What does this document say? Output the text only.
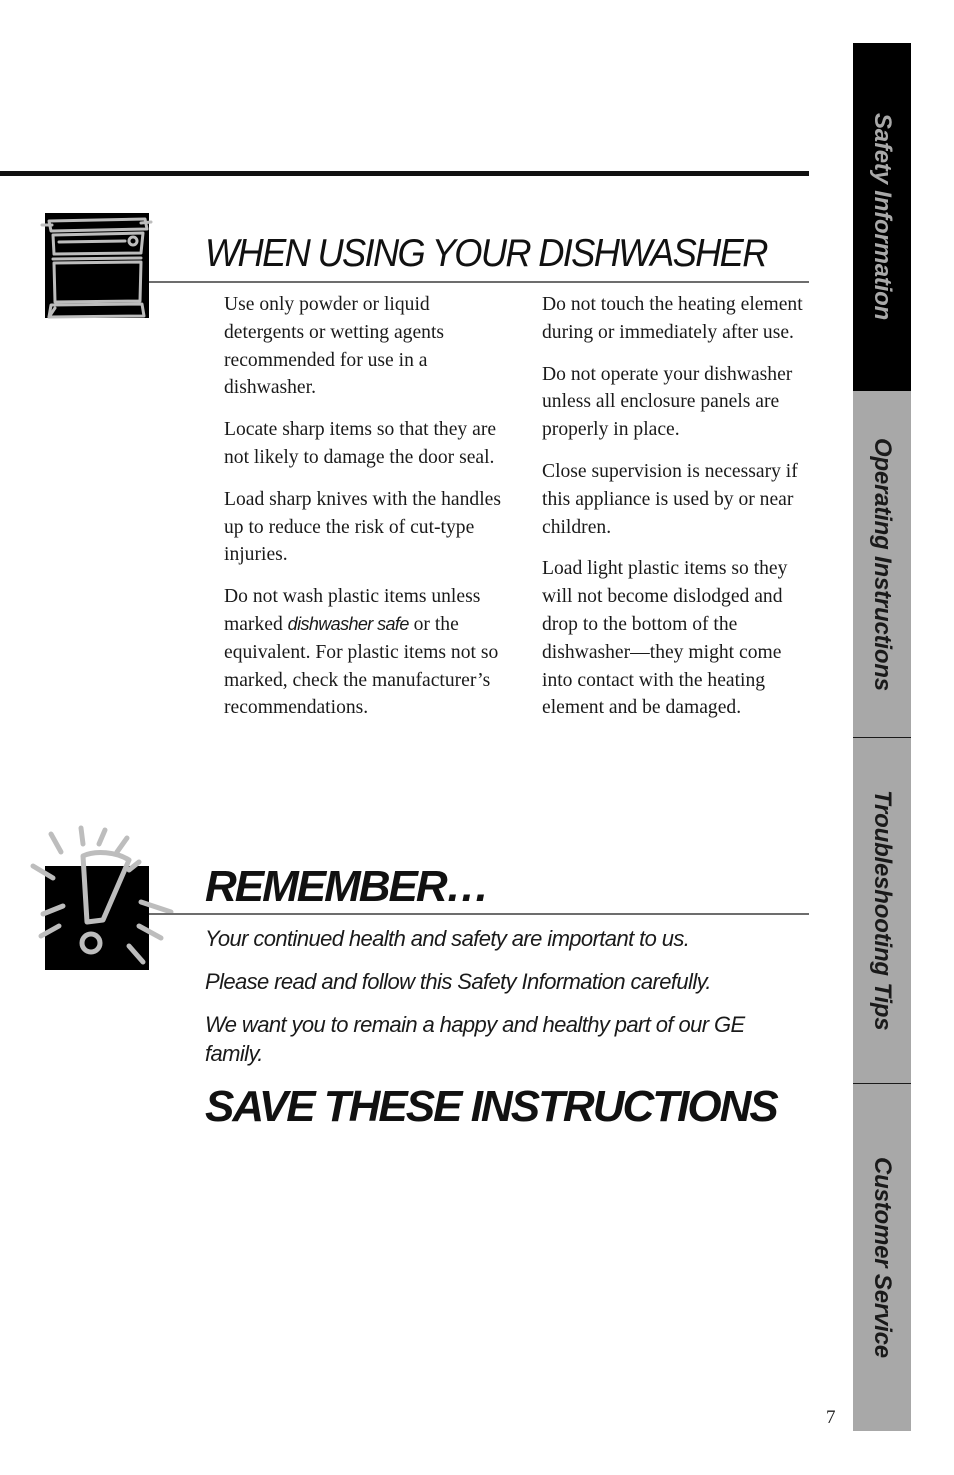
WHEN USING YOUR DISHWASHER

Use only powder or liquid detergents or wetting agents recommended for use in a dishwasher.

Locate sharp items so that they are not likely to damage the door seal.

Load sharp knives with the handles up to reduce the risk of cut-type injuries.

Do not wash plastic items unless marked dishwasher safe or the equivalent. For plastic items not so marked, check the manufacturer’s recommendations.

Do not touch the heating element during or immediately after use.

Do not operate your dishwasher unless all enclosure panels are properly in place.

Close supervision is necessary if this appliance is used by or near children.

Load light plastic items so they will not become dislodged and drop to the bottom of the dishwasher—they might come into contact with the heating element and be damaged.

REMEMBER…

Your continued health and safety are important to us.

Please read and follow this Safety Information carefully.

We want you to remain a happy and healthy part of our GE family.

SAVE THESE INSTRUCTIONS
Safety Information
Operating Instructions
Troubleshooting Tips
Customer Service
7
